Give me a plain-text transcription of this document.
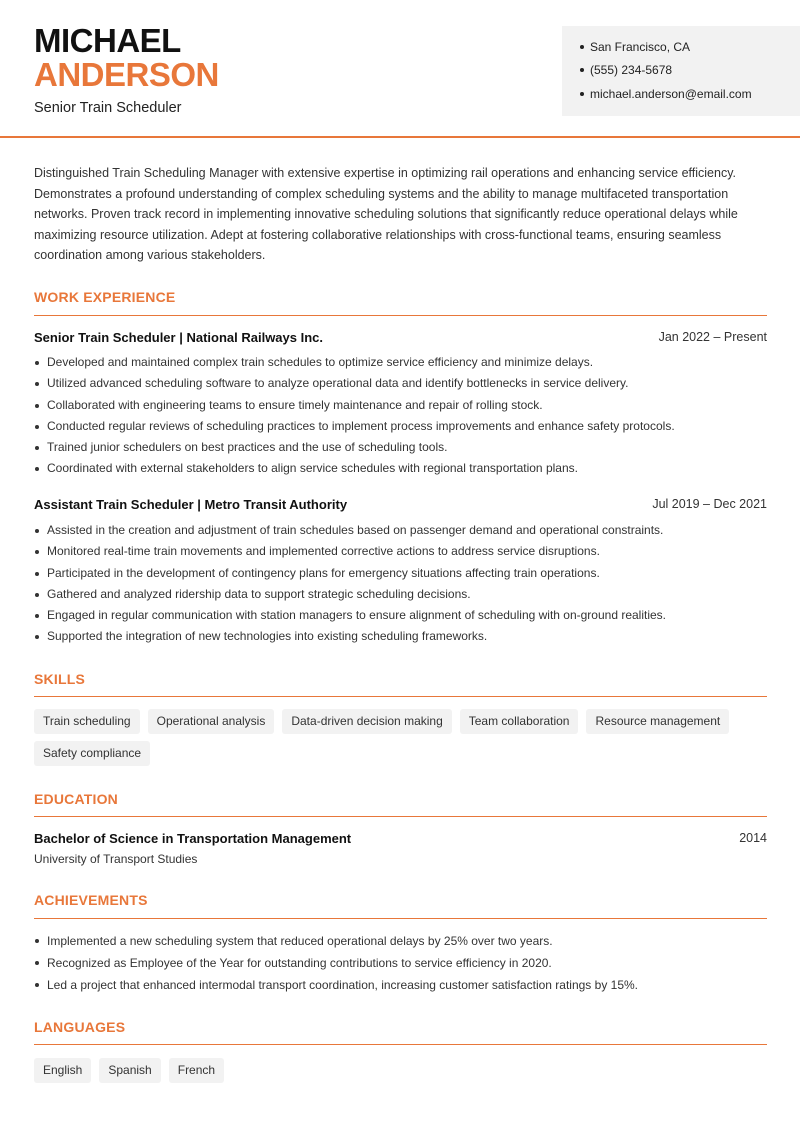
MICHAEL
ANDERSON
Senior Train Scheduler
San Francisco, CA
(555) 234-5678
michael.anderson@email.com

Distinguished Train Scheduling Manager with extensive expertise in optimizing rail operations and enhancing service efficiency. Demonstrates a profound understanding of complex scheduling systems and the ability to manage multifaceted transportation networks. Proven track record in implementing innovative scheduling solutions that significantly reduce operational delays while maximizing resource utilization. Adept at fostering collaborative relationships with cross-functional teams, ensuring seamless coordination among various stakeholders.

WORK EXPERIENCE
Senior Train Scheduler | National Railways Inc.	Jan 2022 – Present
Developed and maintained complex train schedules to optimize service efficiency and minimize delays.
Utilized advanced scheduling software to analyze operational data and identify bottlenecks in service delivery.
Collaborated with engineering teams to ensure timely maintenance and repair of rolling stock.
Conducted regular reviews of scheduling practices to implement process improvements and enhance safety protocols.
Trained junior schedulers on best practices and the use of scheduling tools.
Coordinated with external stakeholders to align service schedules with regional transportation plans.
Assistant Train Scheduler | Metro Transit Authority	Jul 2019 – Dec 2021
Assisted in the creation and adjustment of train schedules based on passenger demand and operational constraints.
Monitored real-time train movements and implemented corrective actions to address service disruptions.
Participated in the development of contingency plans for emergency situations affecting train operations.
Gathered and analyzed ridership data to support strategic scheduling decisions.
Engaged in regular communication with station managers to ensure alignment of scheduling with on-ground realities.
Supported the integration of new technologies into existing scheduling frameworks.
SKILLS
Train scheduling	Operational analysis	Data-driven decision making	Team collaboration	Resource management
Safety compliance
EDUCATION
Bachelor of Science in Transportation Management	2014
University of Transport Studies
ACHIEVEMENTS
Implemented a new scheduling system that reduced operational delays by 25% over two years.
Recognized as Employee of the Year for outstanding contributions to service efficiency in 2020.
Led a project that enhanced intermodal transport coordination, increasing customer satisfaction ratings by 15%.
LANGUAGES
English	Spanish	French
